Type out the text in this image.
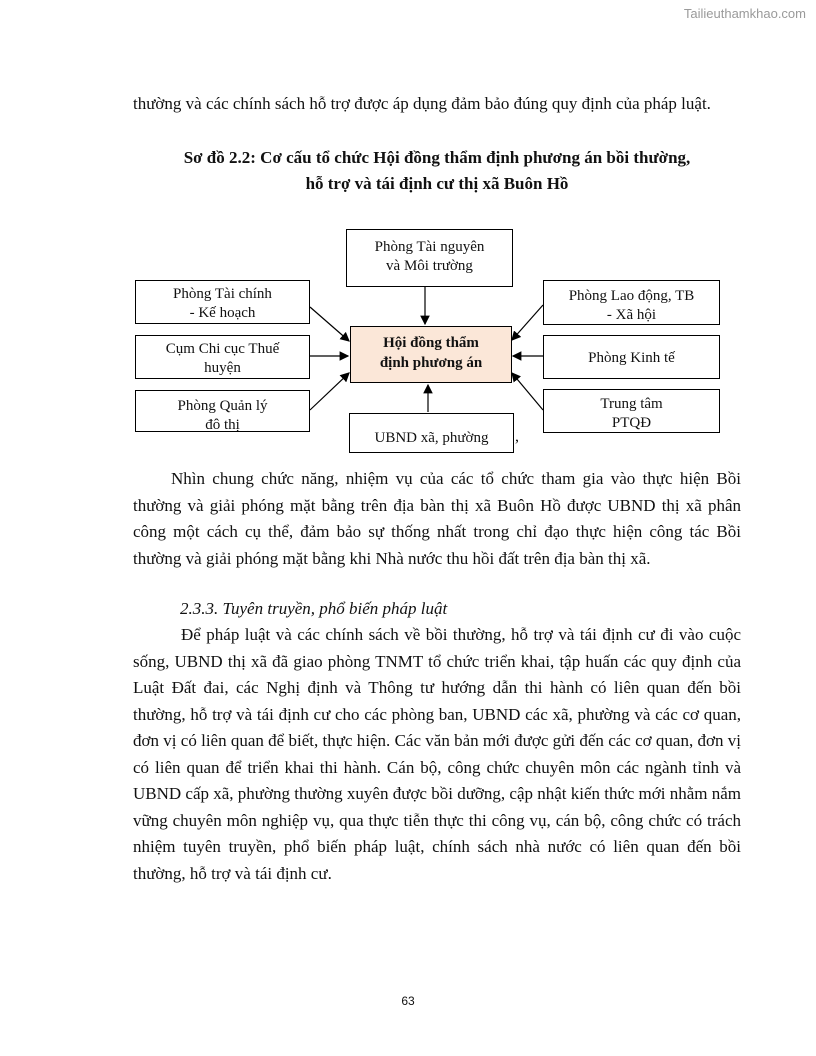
Tailieuthamkhao.com

thường và các chính sách hỗ trợ được áp dụng đảm bảo đúng quy định của pháp luật.

Sơ đồ 2.2: Cơ cấu tổ chức Hội đồng thẩm định phương án bồi thường,

hỗ trợ và tái định cư thị xã Buôn Hồ

Phòng Tài nguyên
và Môi trường
Hội đồng thẩm
định phương án
UBND xã, phường	,
Phòng Tài chính
- Kế hoạch
Cụm Chi cục Thuế
huyện
Phòng Quản lý
đô thị
Phòng Lao động, TB
- Xã hội
Phòng Kinh tế
Trung tâm
PTQĐ

Nhìn chung chức năng, nhiệm vụ của các tổ chức tham gia vào thực hiện Bồi thường và giải phóng mặt bằng trên địa bàn thị xã Buôn Hồ được UBND thị xã phân công một cách cụ thể, đảm bảo sự thống nhất trong chỉ đạo thực hiện công tác Bồi thường và giải phóng mặt bằng khi Nhà nước thu hồi đất trên địa bàn thị xã.

2.3.3. Tuyên truyền, phổ biến pháp luật

Để pháp luật và các chính sách về bồi thường, hỗ trợ và tái định cư đi vào cuộc sống, UBND thị xã đã giao phòng TNMT tổ chức triển khai, tập huấn các quy định của Luật Đất đai, các Nghị định và Thông tư hướng dẫn thi hành có liên quan đến bồi thường, hỗ trợ và tái định cư cho các phòng ban, UBND các xã, phường và các cơ quan, đơn vị có liên quan để biết, thực hiện. Các văn bản mới được gửi đến các cơ quan, đơn vị có liên quan để triển khai thi hành. Cán bộ, công chức chuyên môn các ngành tỉnh và UBND cấp xã, phường thường xuyên được bồi dưỡng, cập nhật kiến thức mới nhằm nắm vững chuyên môn nghiệp vụ, qua thực tiễn thực thi công vụ, cán bộ, công chức có trách nhiệm tuyên truyền, phổ biến pháp luật, chính sách nhà nước có liên quan đến bồi thường, hỗ trợ và tái định cư.

63
